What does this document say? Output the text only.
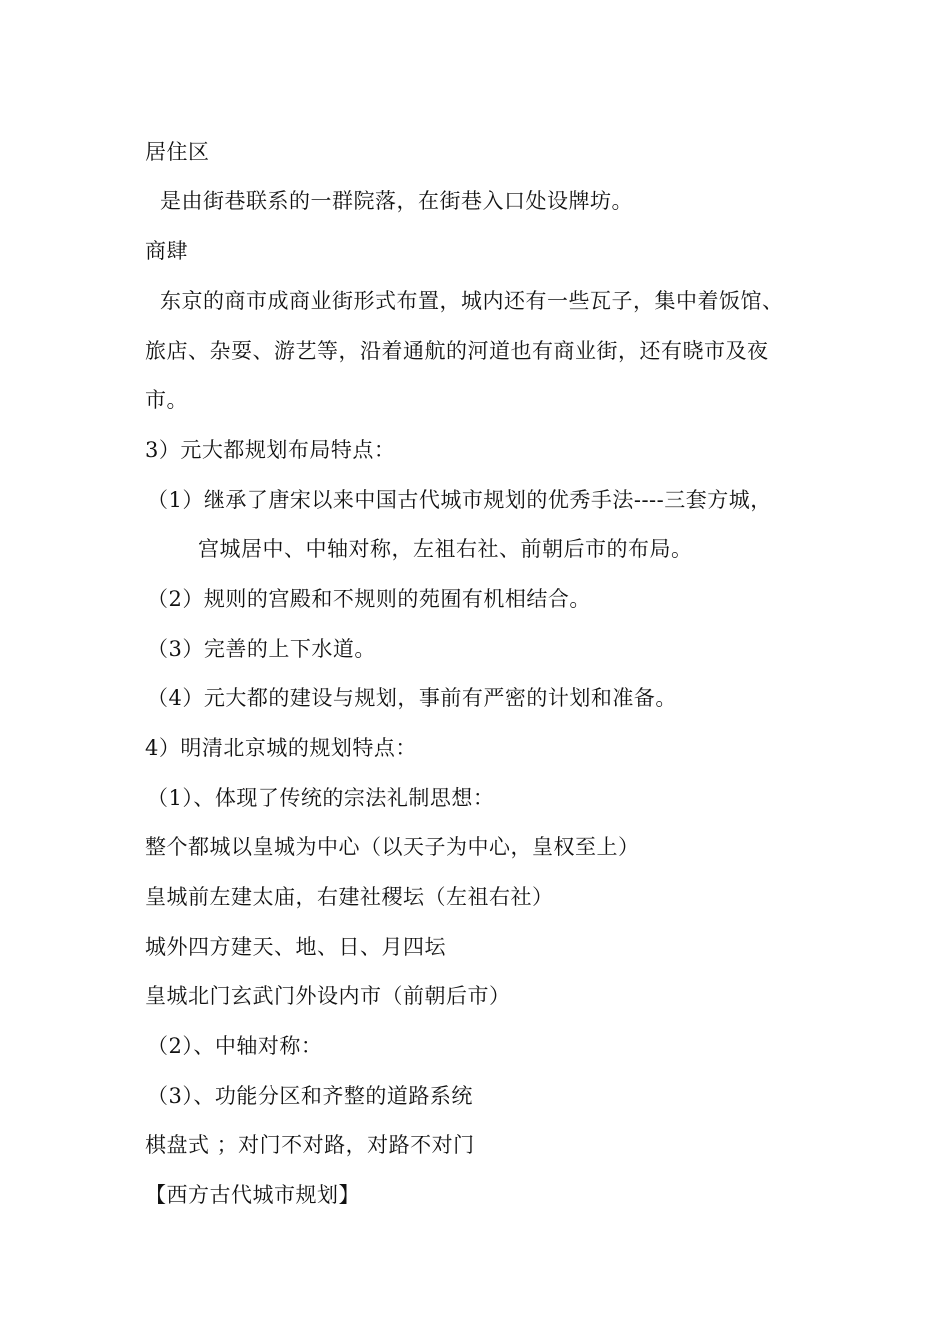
居住区
是由街巷联系的一群院落，在街巷入口处设牌坊。
商肆
东京的商市成商业街形式布置，城内还有一些瓦子，集中着饭馆、
旅店、杂耍、游艺等，沿着通航的河道也有商业街，还有晓市及夜
市。
3）元大都规划布局特点：
（1）继承了唐宋以来中国古代城市规划的优秀手法----三套方城，
宫城居中、中轴对称，左祖右社、前朝后市的布局。
（2）规则的宫殿和不规则的苑囿有机相结合。
（3）完善的上下水道。
（4）元大都的建设与规划，事前有严密的计划和准备。
4）明清北京城的规划特点：
（1）、体现了传统的宗法礼制思想：
整个都城以皇城为中心（以天子为中心，皇权至上）
皇城前左建太庙，右建社稷坛（左祖右社）
城外四方建天、地、日、月四坛
皇城北门玄武门外设内市（前朝后市）
（2）、中轴对称：
（3）、功能分区和齐整的道路系统
棋盘式 ；对门不对路，对路不对门
【西方古代城市规划】
